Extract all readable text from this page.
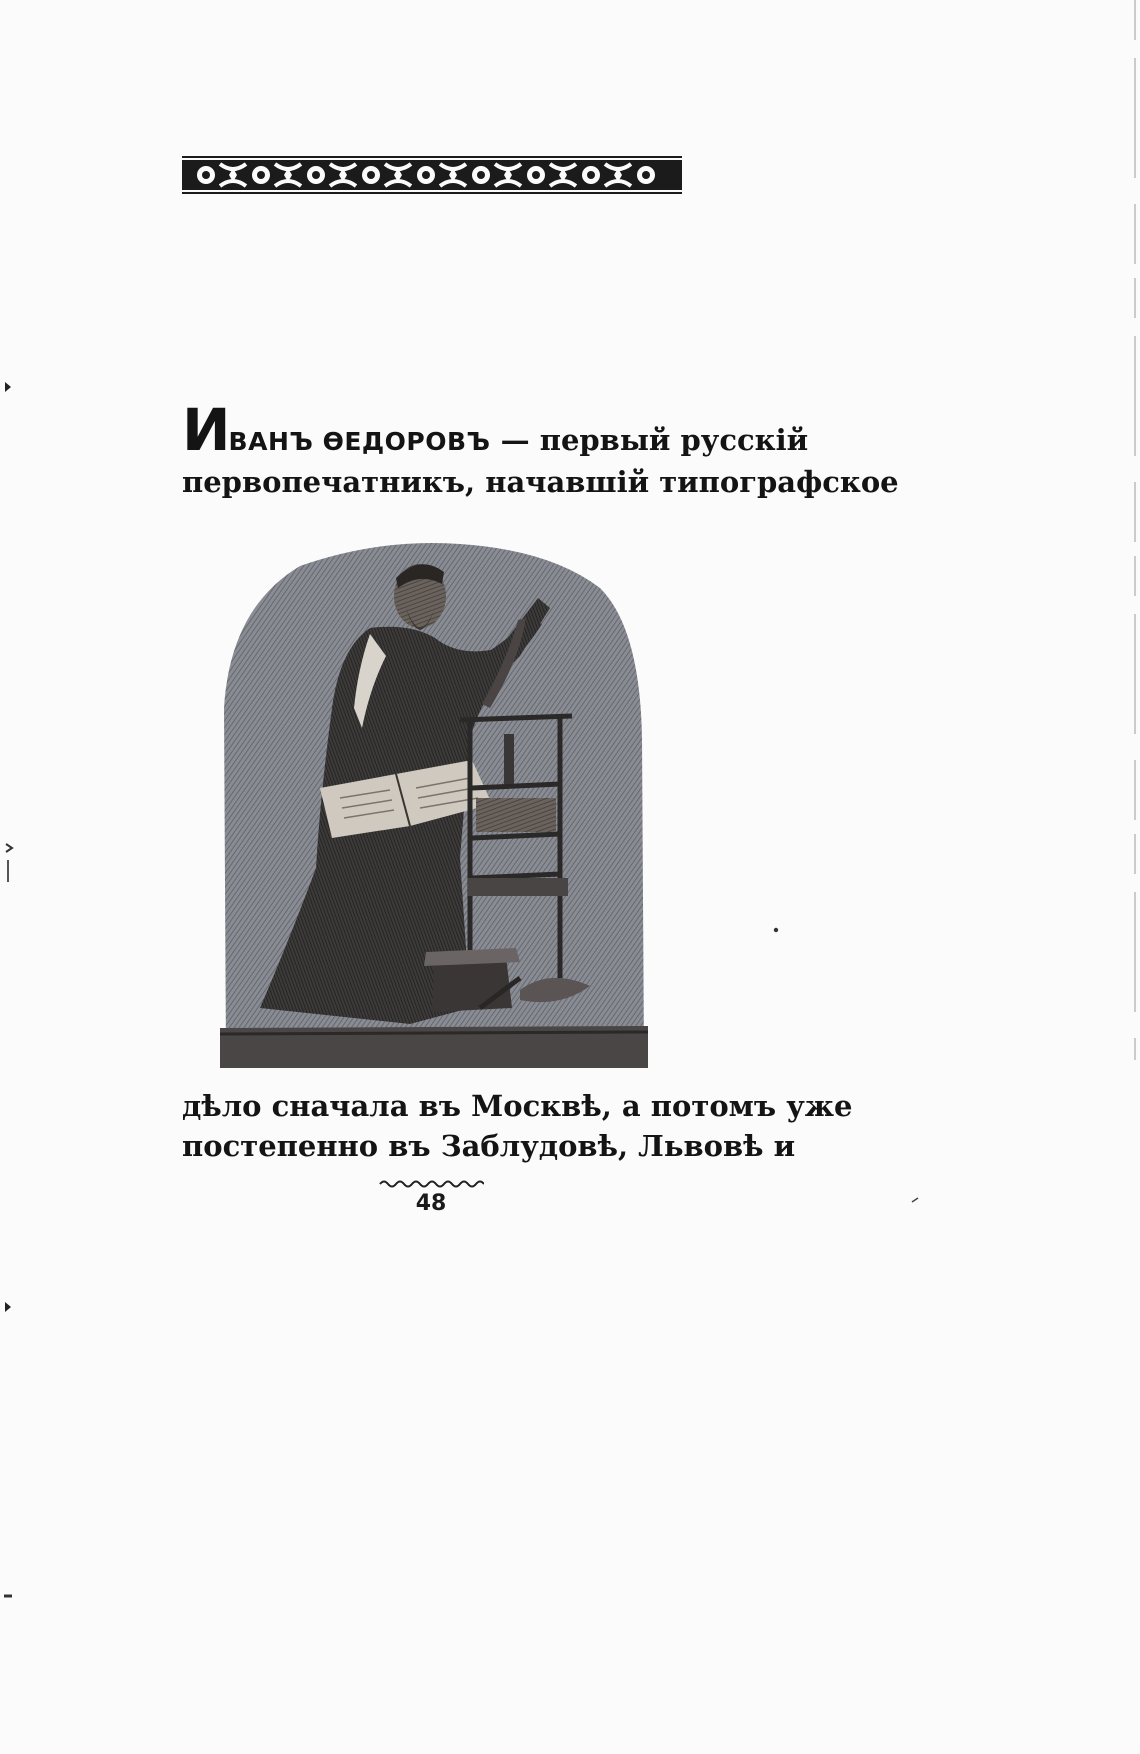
ИВАНЪ ѲЕДОРОВЪ — первый русскій
первопечатникъ, начавшій типографское
дѣло сначала въ Москвѣ, а потомъ уже
постепенно въ Заблудовѣ, Львовѣ и
48
